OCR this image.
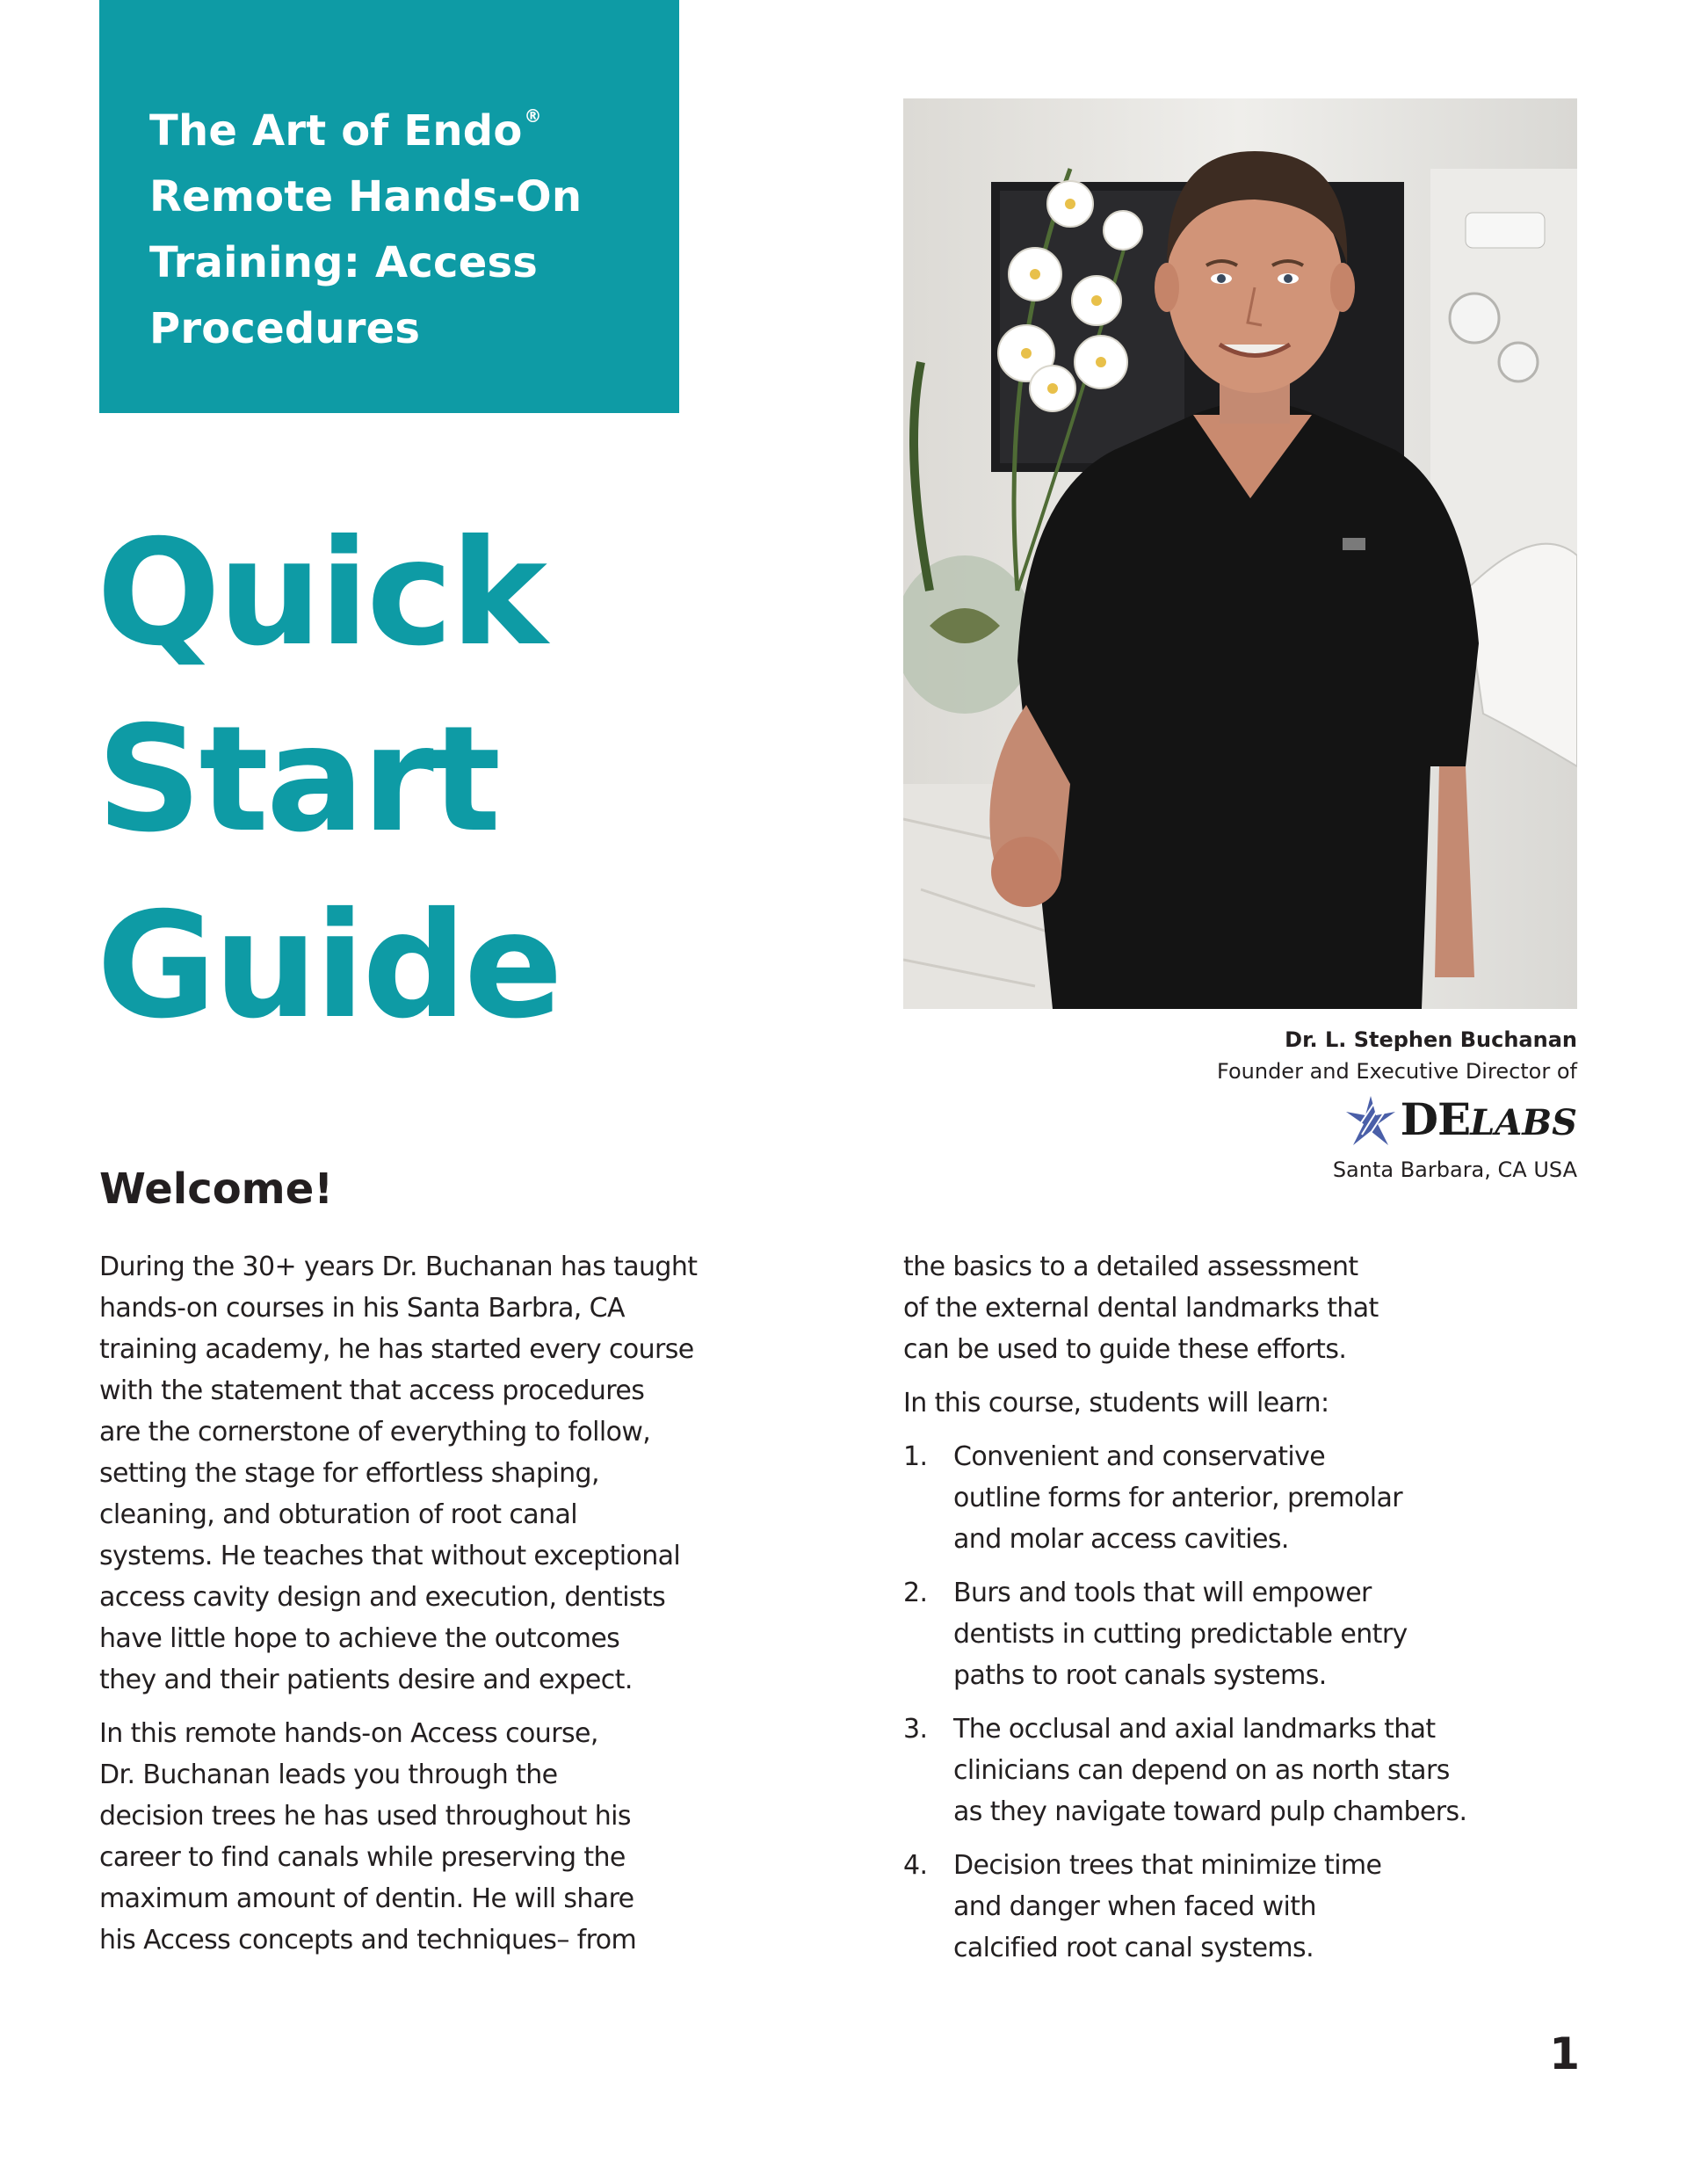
The Art of Endo ®
Remote Hands-On
Training: Access
Procedures
Quick
Start
Guide	Dr. L. Stephen Buchanan
Founder and Executive Director of
DELABS
Santa Barbara, CA USA
Welcome!

During the 30+ years Dr. Buchanan has taught
hands-on courses in his Santa Barbra, CA
training academy, he has started every course
with the statement that access procedures
are the cornerstone of everything to follow,
setting the stage for effortless shaping,
cleaning, and obturation of root canal
systems. He teaches that without exceptional
access cavity design and execution, dentists
have little hope to achieve the outcomes
they and their patients desire and expect.

In this remote hands-on Access course,
Dr. Buchanan leads you through the
decision trees he has used throughout his
career to find canals while preserving the
maximum amount of dentin. He will share
his Access concepts and techniques– from

the basics to a detailed assessment
of the external dental landmarks that
can be used to guide these efforts.

In this course, students will learn:

1. Convenient and conservative
outline forms for anterior, premolar
and molar access cavities.
2. Burs and tools that will empower
dentists in cutting predictable entry
paths to root canals systems.
3. The occlusal and axial landmarks that
clinicians can depend on as north stars
as they navigate toward pulp chambers.
4. Decision trees that minimize time
and danger when faced with
calcified root canal systems.
1
